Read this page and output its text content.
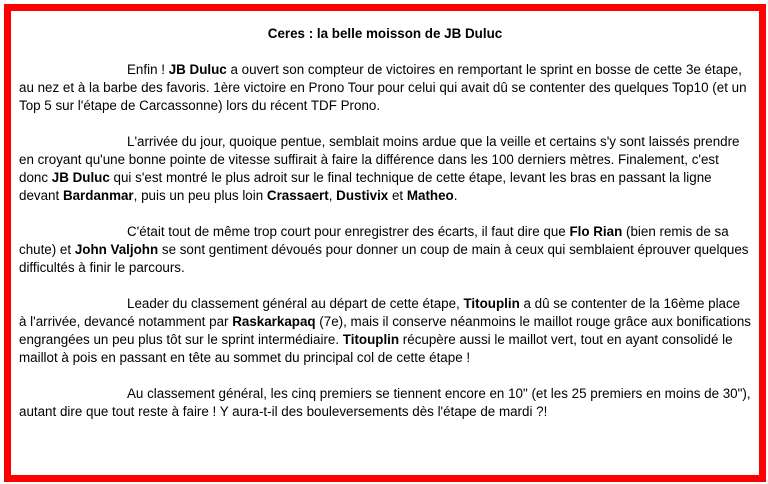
Ceres : la belle moisson de JB Duluc
Enfin ! JB Duluc a ouvert son compteur de victoires en remportant le sprint en bosse de cette 3e étape, au nez et à la barbe des favoris. 1ère victoire en Prono Tour pour celui qui avait dû se contenter des quelques Top10 (et un Top 5 sur l'étape de Carcassonne) lors du récent TDF Prono.
L'arrivée du jour, quoique pentue, semblait moins ardue que la veille et certains s'y sont laissés prendre en croyant qu'une bonne pointe de vitesse suffirait à faire la différence dans les 100 derniers mètres. Finalement, c'est donc JB Duluc qui s'est montré le plus adroit sur le final technique de cette étape, levant les bras en passant la ligne devant Bardanmar, puis un peu plus loin Crassaert, Dustivix et Matheo.
C'était tout de même trop court pour enregistrer des écarts, il faut dire que Flo Rian (bien remis de sa chute) et John Valjohn se sont gentiment dévoués pour donner un coup de main à ceux qui semblaient éprouver quelques difficultés à finir le parcours.
Leader du classement général au départ de cette étape, Titouplin a dû se contenter de la 16ème place à l'arrivée, devancé notamment par Raskarkapaq (7e), mais il conserve néanmoins le maillot rouge grâce aux bonifications engrangées un peu plus tôt sur le sprint intermédiaire. Titouplin récupère aussi le maillot vert, tout en ayant consolidé le maillot à pois en passant en tête au sommet du principal col de cette étape !
Au classement général, les cinq premiers se tiennent encore en 10" (et les 25 premiers en moins de 30"), autant dire que tout reste à faire ! Y aura-t-il des bouleversements dès l'étape de mardi ?!
